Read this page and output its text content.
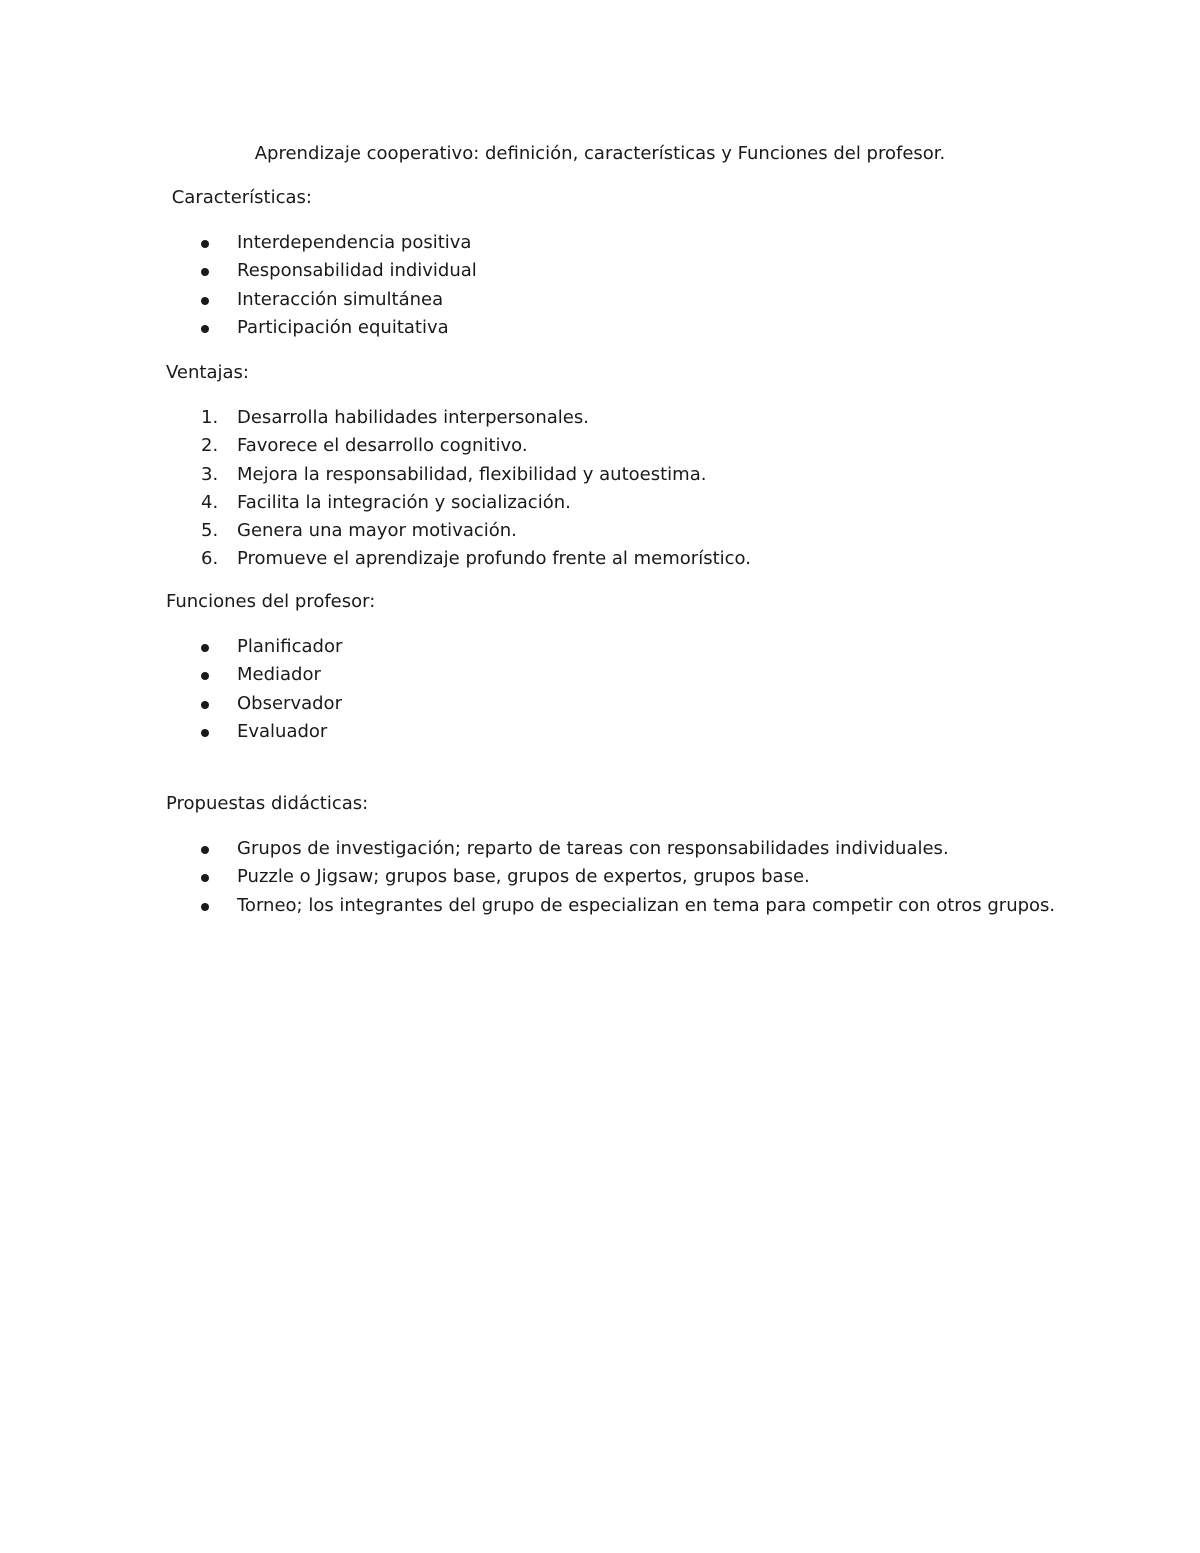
Aprendizaje cooperativo: definición, características y Funciones del profesor.
Características:
Interdependencia positiva
Responsabilidad individual
Interacción simultánea
Participación equitativa
Ventajas:
1. Desarrolla habilidades interpersonales.
2. Favorece el desarrollo cognitivo.
3. Mejora la responsabilidad, flexibilidad y autoestima.
4. Facilita la integración y socialización.
5. Genera una mayor motivación.
6. Promueve el aprendizaje profundo frente al memorístico.
Funciones del profesor:
Planificador
Mediador
Observador
Evaluador
Propuestas didácticas:
Grupos de investigación; reparto de tareas con responsabilidades individuales.
Puzzle o Jigsaw; grupos base, grupos de expertos, grupos base.
Torneo; los integrantes del grupo de especializan en tema para competir con otros grupos.
